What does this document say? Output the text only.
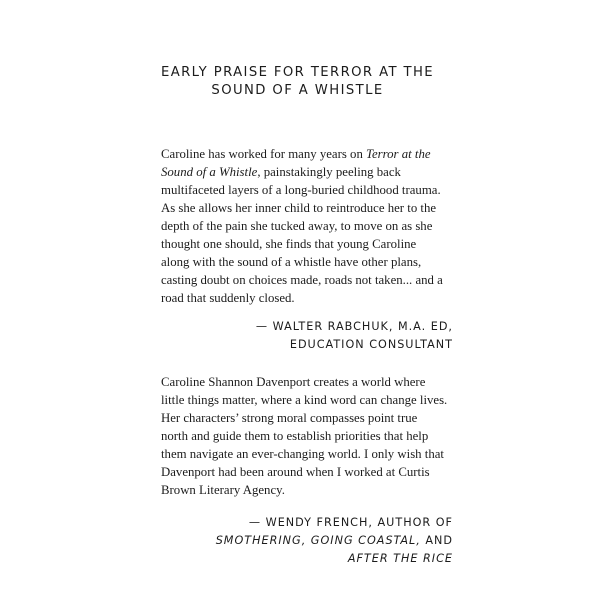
EARLY PRAISE FOR TERROR AT THE
SOUND OF A WHISTLE

Caroline has worked for many years on Terror at the
Sound of a Whistle, painstakingly peeling back
multifaceted layers of a long-buried childhood trauma.
As she allows her inner child to reintroduce her to the
depth of the pain she tucked away, to move on as she
thought one should, she finds that young Caroline
along with the sound of a whistle have other plans,
casting doubt on choices made, roads not taken... and a
road that suddenly closed.

— WALTER RABCHUK, M.A. ED,
EDUCATION CONSULTANT

Caroline Shannon Davenport creates a world where
little things matter, where a kind word can change lives.
Her characters’ strong moral compasses point true
north and guide them to establish priorities that help
them navigate an ever-changing world. I only wish that
Davenport had been around when I worked at Curtis
Brown Literary Agency.

— WENDY FRENCH, AUTHOR OF
SMOTHERING, GOING COASTAL, AND
AFTER THE RICE
